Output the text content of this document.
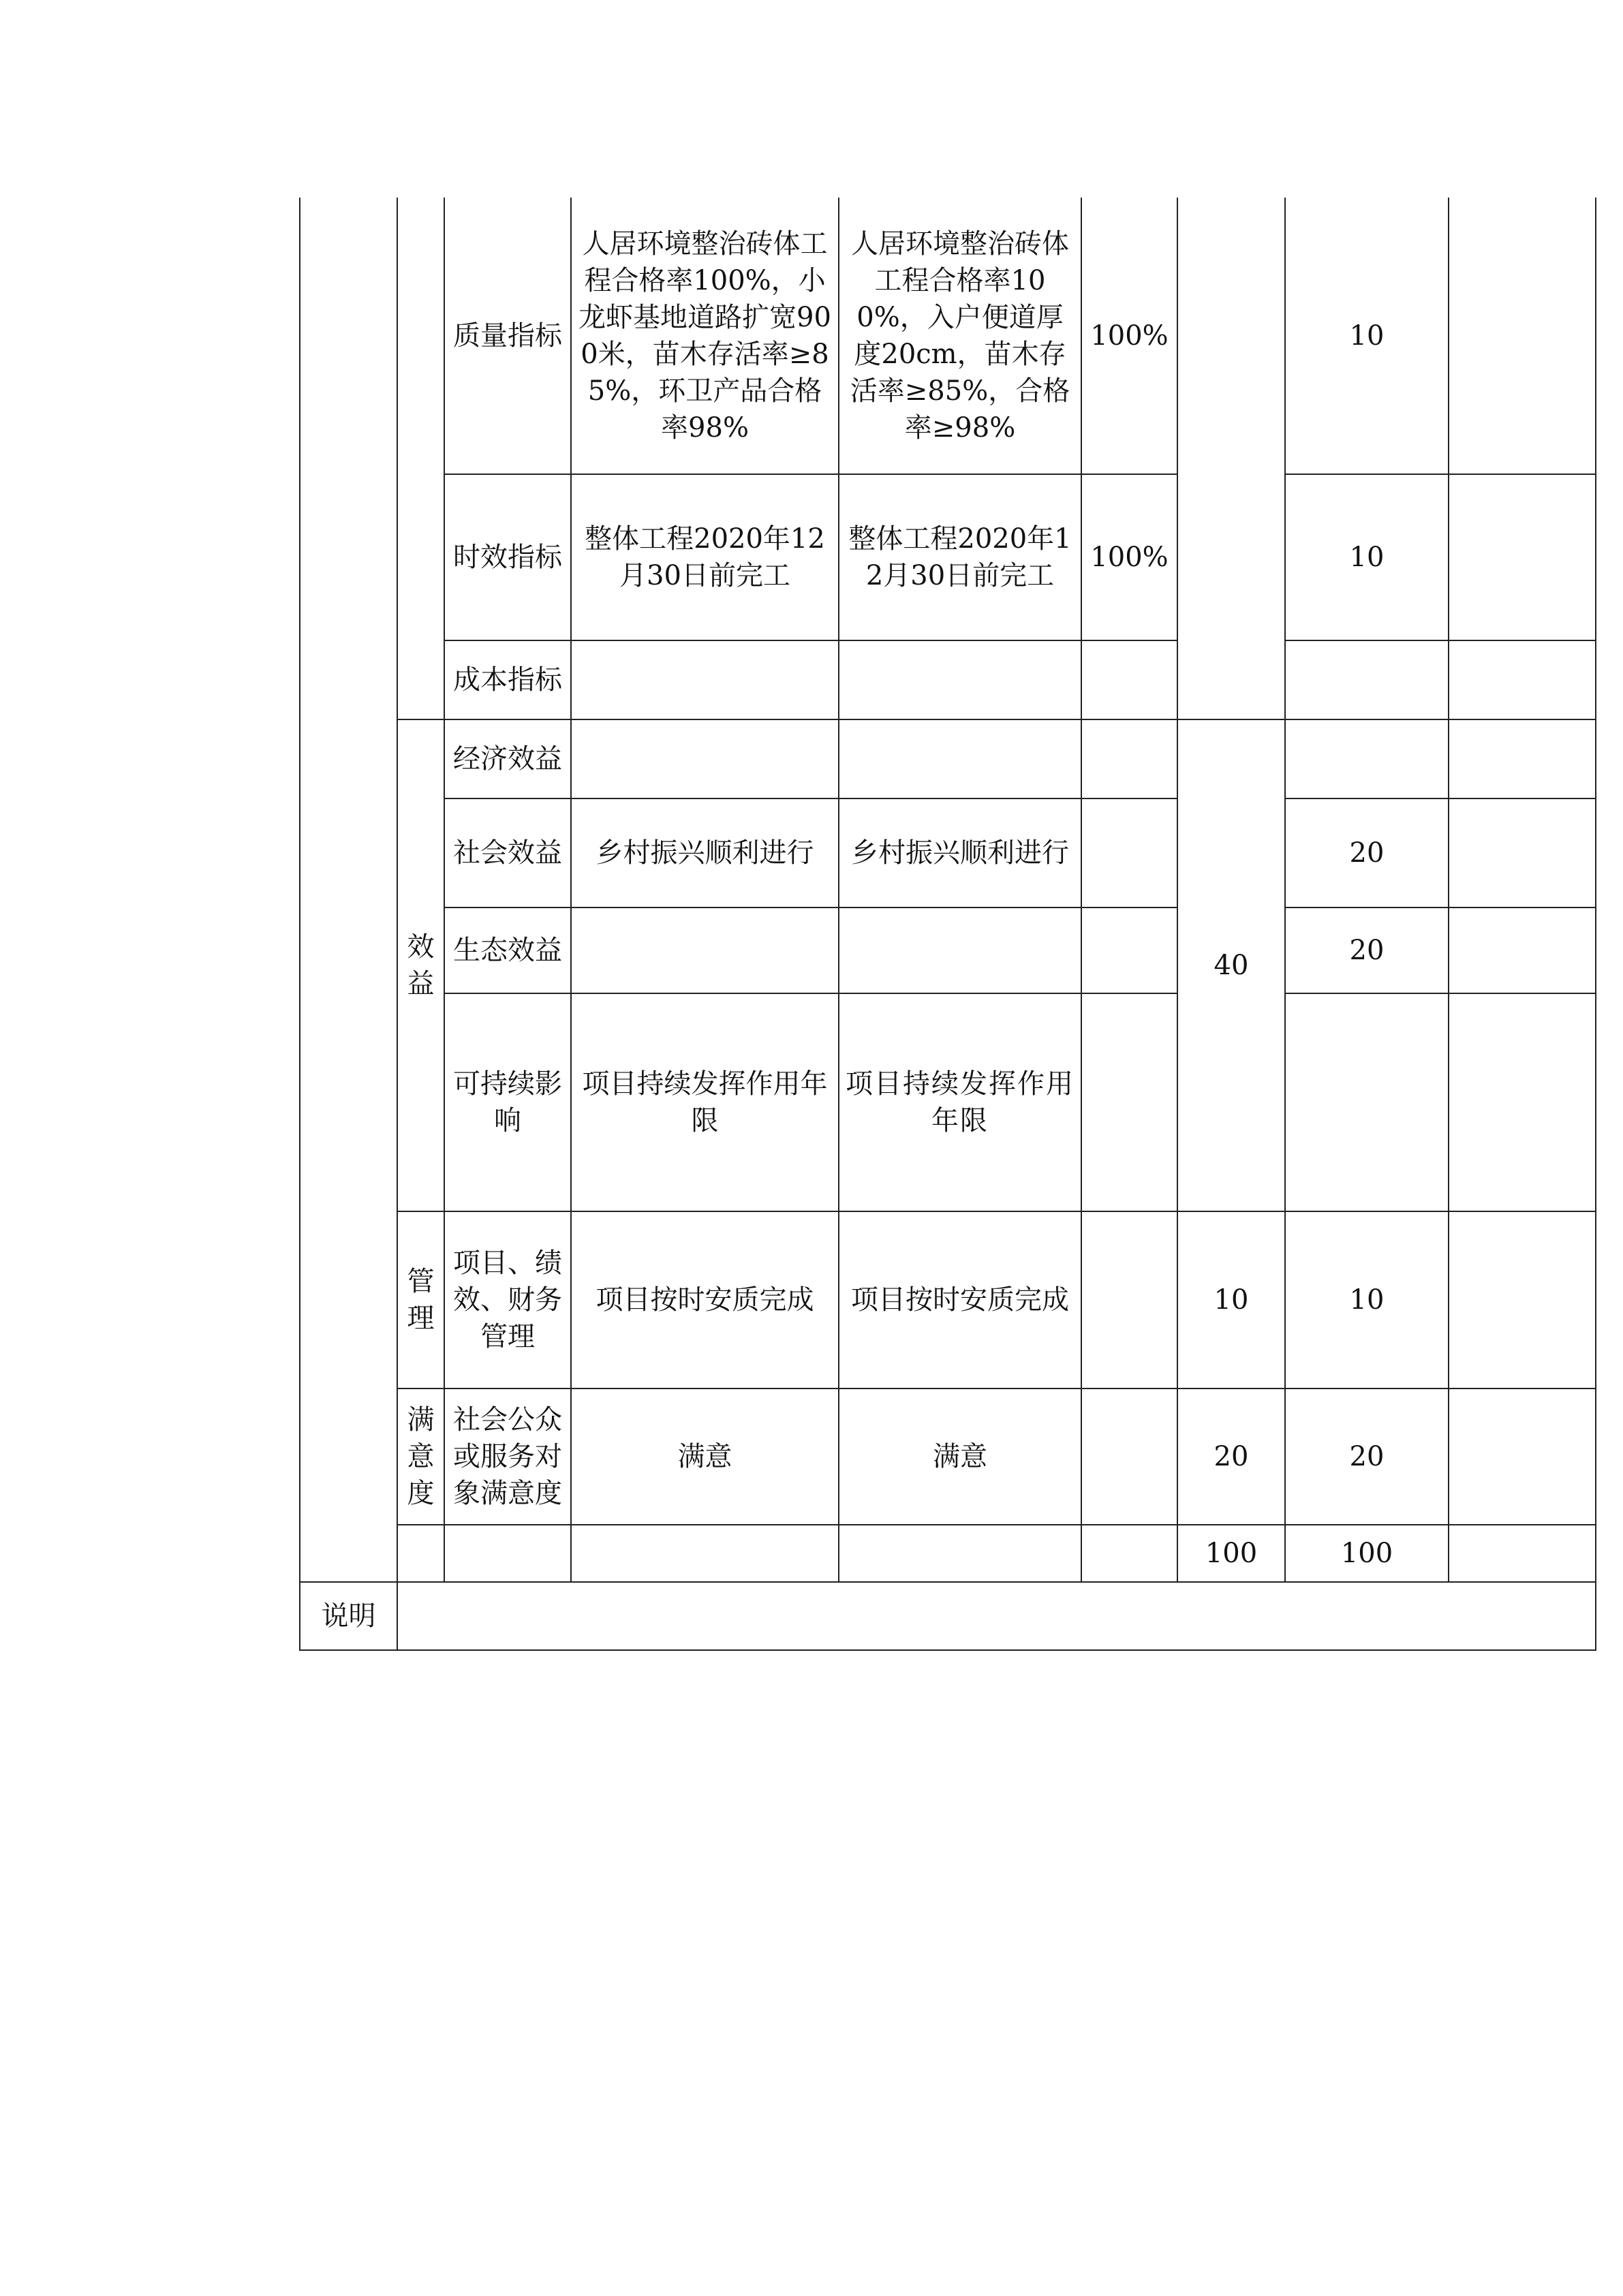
		质量指标	人居环境整治砖体工程合格率100%，小龙虾基地道路扩宽900米，苗木存活率≥85%，环卫产品合格率98%	人居环境整治砖体工程合格率100%，入户便道厚度20cm，苗木存活率≥85%，合格率≥98%	100%		10	
		时效指标	整体工程2020年12月30日前完工	整体工程2020年12月30日前完工	100%		10	
		成本指标						
	效益	经济效益				40		
		社会效益	乡村振兴顺利进行	乡村振兴顺利进行			20	
		生态效益					20	
		可持续影响	项目持续发挥作用年限	项目持续发挥作用年限				
	管理	项目、绩效、财务管理	项目按时安质完成	项目按时安质完成		10	10	
	满意度	社会公众或服务对象满意度	满意	满意		20	20	
						100	100	
说明								
